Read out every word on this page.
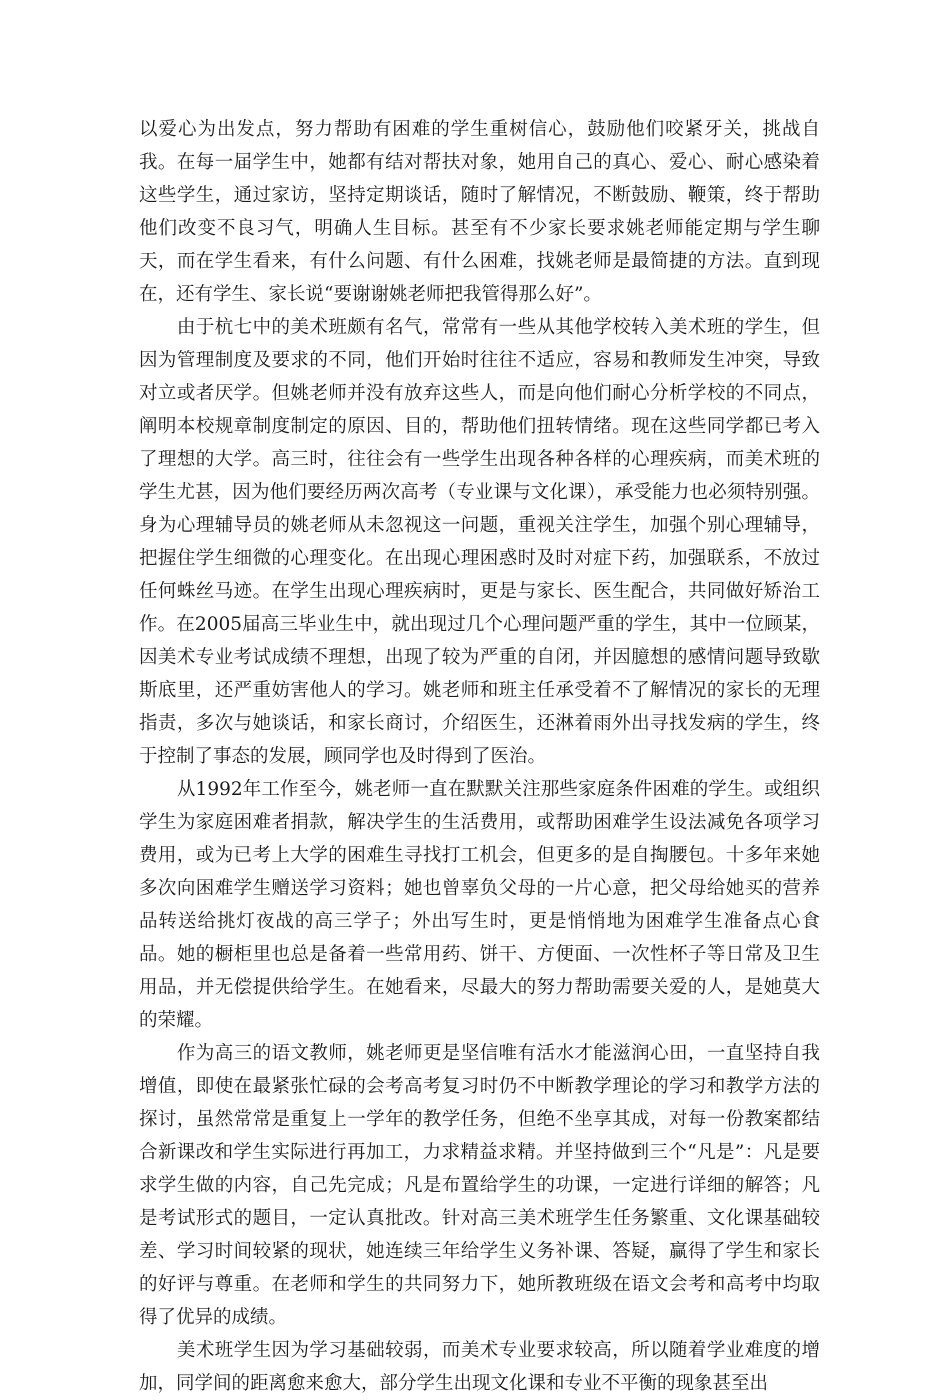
以爱心为出发点，努力帮助有困难的学生重树信心，鼓励他们咬紧牙关，挑战自我。在每一届学生中，她都有结对帮扶对象，她用自己的真心、爱心、耐心感染着这些学生，通过家访，坚持定期谈话，随时了解情况，不断鼓励、鞭策，终于帮助他们改变不良习气，明确人生目标。甚至有不少家长要求姚老师能定期与学生聊天，而在学生看来，有什么问题、有什么困难，找姚老师是最简捷的方法。直到现在，还有学生、家长说“要谢谢姚老师把我管得那么好”。

由于杭七中的美术班颇有名气，常常有一些从其他学校转入美术班的学生，但因为管理制度及要求的不同，他们开始时往往不适应，容易和教师发生冲突，导致对立或者厌学。但姚老师并没有放弃这些人，而是向他们耐心分析学校的不同点，阐明本校规章制度制定的原因、目的，帮助他们扭转情绪。现在这些同学都已考入了理想的大学。高三时，往往会有一些学生出现各种各样的心理疾病，而美术班的学生尤甚，因为他们要经历两次高考（专业课与文化课），承受能力也必须特别强。身为心理辅导员的姚老师从未忽视这一问题，重视关注学生，加强个别心理辅导，把握住学生细微的心理变化。在出现心理困惑时及时对症下药，加强联系，不放过任何蛛丝马迹。在学生出现心理疾病时，更是与家长、医生配合，共同做好矫治工作。在2005届高三毕业生中，就出现过几个心理问题严重的学生，其中一位顾某，因美术专业考试成绩不理想，出现了较为严重的自闭，并因臆想的感情问题导致歇斯底里，还严重妨害他人的学习。姚老师和班主任承受着不了解情况的家长的无理指责，多次与她谈话，和家长商讨，介绍医生，还淋着雨外出寻找发病的学生，终于控制了事态的发展，顾同学也及时得到了医治。

从1992年工作至今，姚老师一直在默默关注那些家庭条件困难的学生。或组织学生为家庭困难者捐款，解决学生的生活费用，或帮助困难学生设法减免各项学习费用，或为已考上大学的困难生寻找打工机会，但更多的是自掏腰包。十多年来她多次向困难学生赠送学习资料；她也曾辜负父母的一片心意，把父母给她买的营养品转送给挑灯夜战的高三学子；外出写生时，更是悄悄地为困难学生准备点心食品。她的橱柜里也总是备着一些常用药、饼干、方便面、一次性杯子等日常及卫生用品，并无偿提供给学生。在她看来，尽最大的努力帮助需要关爱的人，是她莫大的荣耀。

作为高三的语文教师，姚老师更是坚信唯有活水才能滋润心田，一直坚持自我增值，即使在最紧张忙碌的会考高考复习时仍不中断教学理论的学习和教学方法的探讨，虽然常常是重复上一学年的教学任务，但绝不坐享其成，对每一份教案都结合新课改和学生实际进行再加工，力求精益求精。并坚持做到三个“凡是”：凡是要求学生做的内容，自己先完成；凡是布置给学生的功课，一定进行详细的解答；凡是考试形式的题目，一定认真批改。针对高三美术班学生任务繁重、文化课基础较差、学习时间较紧的现状，她连续三年给学生义务补课、答疑，赢得了学生和家长的好评与尊重。在老师和学生的共同努力下，她所教班级在语文会考和高考中均取得了优异的成绩。

美术班学生因为学习基础较弱，而美术专业要求较高，所以随着学业难度的增加，同学间的距离愈来愈大，部分学生出现文化课和专业不平衡的现象甚至出
